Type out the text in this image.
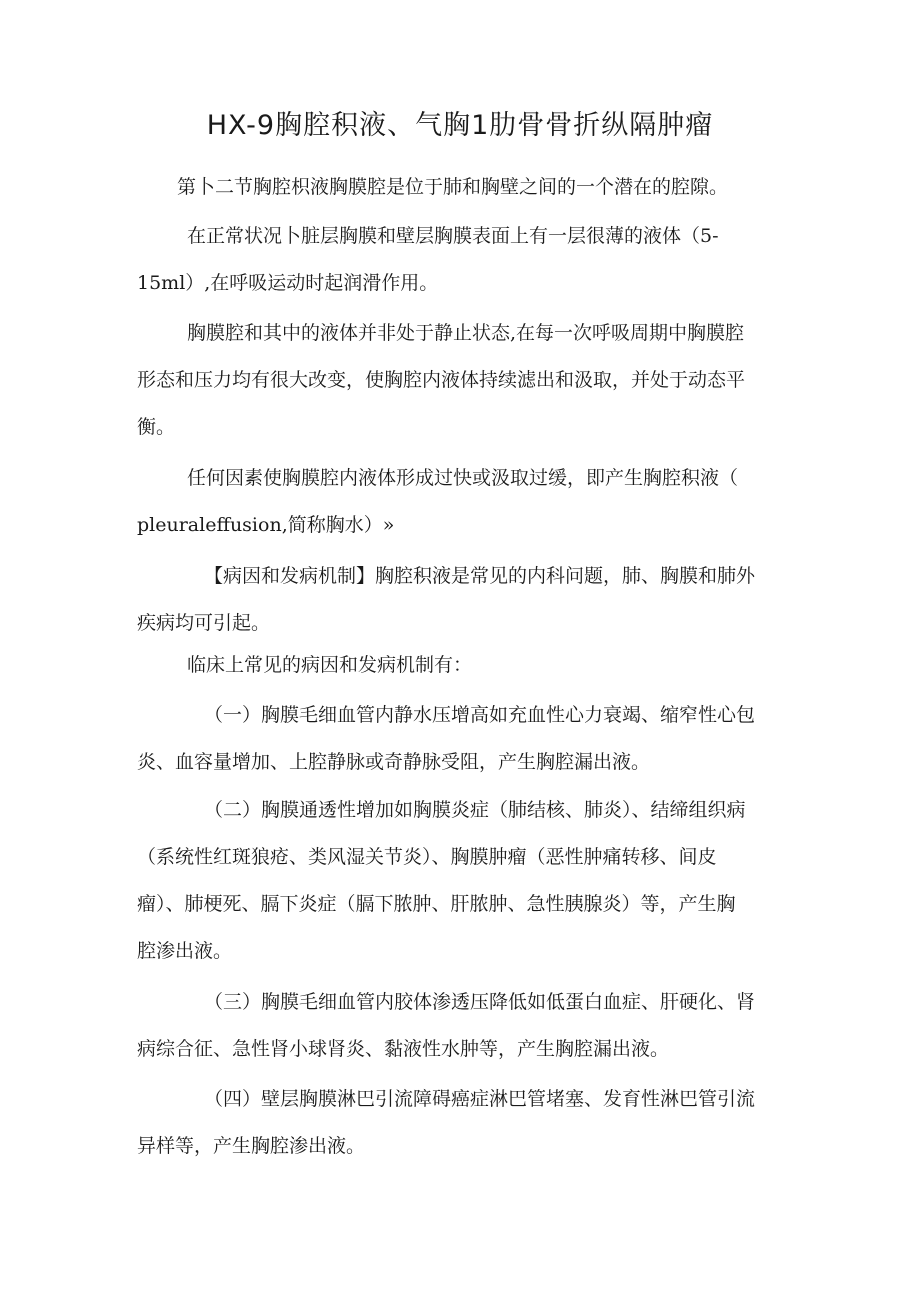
HX-9胸腔积液、气胸1肋骨骨折纵隔肿瘤
第卜二节胸腔枳液胸膜腔是位于肺和胸壁之间的一个潜在的腔隙。
在正常状况卜脏层胸膜和壁层胸膜表面上有一层很薄的液体（5-
15ml）,在呼吸运动时起润滑作用。
胸膜腔和其中的液体并非处于静止状态,在每一次呼吸周期中胸膜腔
形态和压力均有很大改变，使胸腔内液体持续滤出和汲取，并处于动态平
衡。
任何因素使胸膜腔内液体形成过快或汲取过缓，即产生胸腔积液（
pleuraleffusion,简称胸水）»
【病因和发病机制】胸腔积液是常见的内科问题，肺、胸膜和肺外
疾病均可引起。
临床上常见的病因和发病机制有：
（一）胸膜毛细血管内静水压增高如充血性心力衰竭、缩窄性心包
炎、血容量增加、上腔静脉或奇静脉受阻，产生胸腔漏出液。
（二）胸膜通透性增加如胸膜炎症（肺结核、肺炎）、结缔组织病
（系统性红斑狼疮、类风湿关节炎）、胸膜肿瘤（恶性肿痛转移、间皮
瘤）、肺梗死、膈下炎症（膈下脓肿、肝脓肿、急性胰腺炎）等，产生胸
腔渗出液。
（三）胸膜毛细血管内胶体渗透压降低如低蛋白血症、肝硬化、肾
病综合征、急性肾小球肾炎、黏液性水肿等，产生胸腔漏出液。
（四）壁层胸膜淋巴引流障碍癌症淋巴管堵塞、发育性淋巴管引流
异样等，产生胸腔渗出液。
